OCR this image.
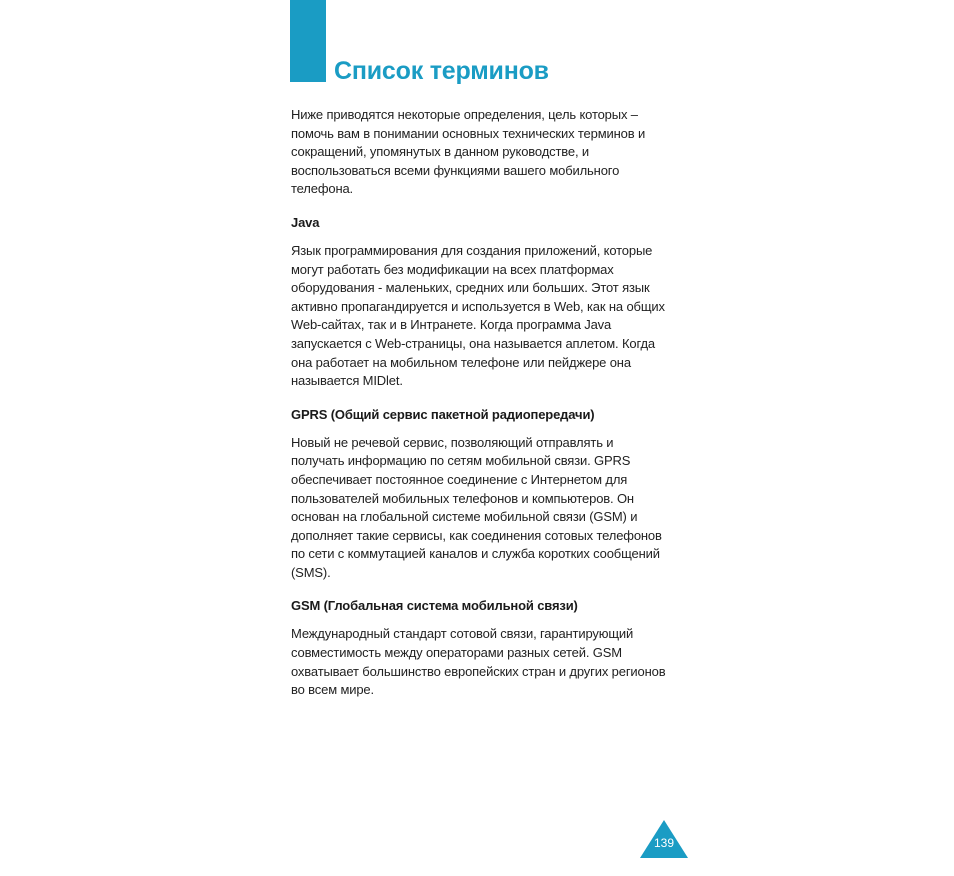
Список терминов

Ниже приводятся некоторые определения, цель которых – помочь вам в понимании основных технических терминов и сокращений, упомянутых в данном руководстве, и воспользоваться всеми функциями вашего мобильного телефона.

Java

Язык программирования для создания приложений, которые могут работать без модификации на всех платформах оборудования - маленьких, средних или больших. Этот язык активно пропагандируется и используется в Web, как на общих Web-сайтах, так и в Интранете. Когда программа Java запускается с Web-страницы, она называется аплетом. Когда она работает на мобильном телефоне или пейджере она называется MIDlet.

GPRS (Общий сервис пакетной радиопередачи)

Новый не речевой сервис, позволяющий отправлять и получать информацию по сетям мобильной связи. GPRS обеспечивает постоянное соединение с Интернетом для пользователей мобильных телефонов и компьютеров. Он основан на глобальной системе мобильной связи (GSM) и дополняет такие сервисы, как соединения сотовых телефонов по сети с коммутацией каналов и служба коротких сообщений (SMS).

GSM (Глобальная система мобильной связи)

Международный стандарт сотовой связи, гарантирующий совместимость между операторами разных сетей. GSM охватывает большинство европейских стран и других регионов во всем мире.

139
